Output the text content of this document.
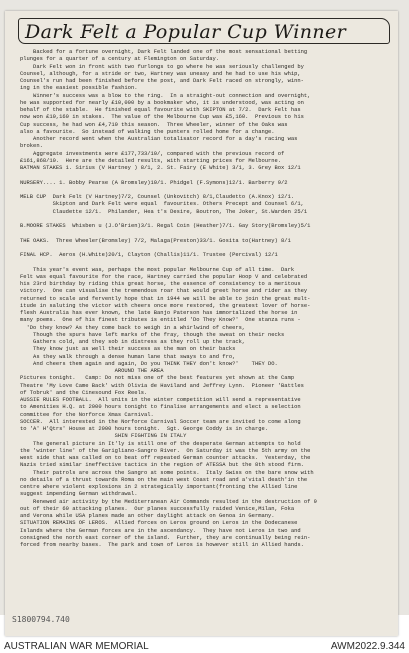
Dark Felt a Popular Cup Winner
Backed for a fortune overnight, Dark Felt landed one of the most sensational betting
plunges for a quarter of a century at Flemington on Saturday.
Dark Felt won in front with two furlongs to go where he was seriously challenged by
Counsel, although, for a stride or two, Hartney was uneasy and he had to use his whip,
Counsel's run had been finished before the post, and Dark Felt raced on strongly, winn-
ing in the easiest possible fashion.
Winner's success was a blow to the ring.  In a straight-out connection and overnight,
he was supported for nearly £10,000 by a bookmaker who, it is understood, was acting on
behalf of the stable.  He finished equal favourite with SKIPTON at 7/2.  Dark Felt has
now won £10,160 in stakes.  The value of the Melbourne Cup was £5,160.  Previous to his
Cup success, he had won £4,710 this season.  Three Wheeler, winner of the Oaks was
also a favourite.  So instead of walking the punters rolled home for a change.
Another record went when the Australian totalisator record for a day's racing was
broken.
Aggregate investments were £177,733/10/, compared with the previous record of
£161,868/10.  Here are the detailed results, with starting prices for Melbourne.
BATMAN STAKES 1. Sirius (V Hartney ) 8/1, 2. St. Fairy (E White) 3/1, 3. Grey Box 12/1
NURSERY.... 1. Bobby Pearse (A Bromsley)10/1. Phidgel (F.Symons)12/1. Barberry 9/2
MELB CUP  Dark Felt (V Hartney)7/2, Counsel (Unkovitch) 8/1,Claudetto (A.Knox) 12/1.
Skipton and Dark Felt were equal  favourites. Others Precept and Counsel 6/1,
Claudette 12/1.  Philander, Hea t's Desire, Boutron, The Joker, St.Warden 25/1
B.MOORE STAKES  Whisben u (J.O'Brien)3/1. Regal Coin (Heather)7/1. Gay Story(Bromsley)5/1
THE OAKS.  Three Wheeler(Bromsley) 7/2, Malaga(Preston)33/1. Gosita to(Hartney) 8/1
FINAL HCP.  Aeros (H.White)20/1, Clayton (Challis)11/1. Trustee (Percival) 12/1
This year's event was, perhaps the most popular Melbourne Cup of all time.  Dark
Felt was equal favourite for the race, Hartney carried the popular Hoop V and celebrated
his 23rd birthday by riding this great horse, the essence of consistency to a meritous
victory.  One can visualise the tremendous roar that would greet horse and rider as they
returned to scale and fervently hope that in 1944 we will be able to join the great mult-
itude in saluting the victor with cheers once more restored, the greatest lover of horse-
flesh Australia has ever known, the late Banjo Paterson has immortalized the horse in
many poems.  One of his finest tributes is entitled 'Do They Know?'  One stanza runs -
'Do they know? As they come back to weigh in a whirlwind of cheers,
Though the spurs have left marks of the fray, though the sweat on their necks
Gathers cold, and they sob in distress as they roll up the track,
They know just as well their success as the man on their backs
As they walk through a dense human lane that sways to and fro,
And cheers them again and again, Do you THINK THEY don't know?'    THEY DO.
AROUND THE AREA
Pictures tonight.   Camp: Do not miss one of the best features yet shown at the Camp
Theatre 'My Love Came Back' with Olivia de Haviland and Jeffrey Lynn.  Pioneer 'Battles
of Tobruk' and the Cinesound Fox Reels.
AUSSIE RULES FOOTBALL.  All units in the winter competition will send a representative
to Amenities H.Q. at 2000 hours tonight to finalise arrangements and elect a selection
committee for the Norforce Xmas Carnival.
SOCCER.  All interested in the Norforce Carnival Soccer team are invited to come along
to 'A' H'Qtrs' House at 2000 hours tonight.  Sgt. George Coddy is in charge.
SHIN FIGHTING IN ITALY
The general picture in It'ly is still one of the desperate German attempts to hold
the 'winter line' of the Garigliano-Sangro River.  On Saturday it was the 5th army on the
west side that was called on to beat off repeated German counter attacks.  Yesterday, the
Nazis tried similar ineffective tactics in the region of ATESSA but the 8th stood firm.
Their patrols are across the Sangro at some points.  Italy Swiss on the bare snow with
no details of a thrust towards Roma on the main west Coast road and a'vital death'in the
centre where violent explosions in 2 strategically important(fronting the Allied line
suggest impending German withdrawal.
Renewed air activity by the Mediterranean Air Commands resulted in the destruction of 9
out of their 60 attacking planes.  Our planes successfully raided Venice,Milan, Foka
and Verona while USA planes made an other daylight attack on Genoa in Germany.
SITUATION REMAINS OF LEROS.  Allied forces on Leros ground on Leros in the Dodecanese
Islands where the German forces are in the ascendancy.  They have not Leros in two and
consigned the north east corner of the island.  Further, they are continually being rein-
forced from nearby bases.  The park and town of Leros is however still in Allied hands.
S1800794.740
AUSTRALIAN WAR MEMORIAL	AWM2022.9.344
